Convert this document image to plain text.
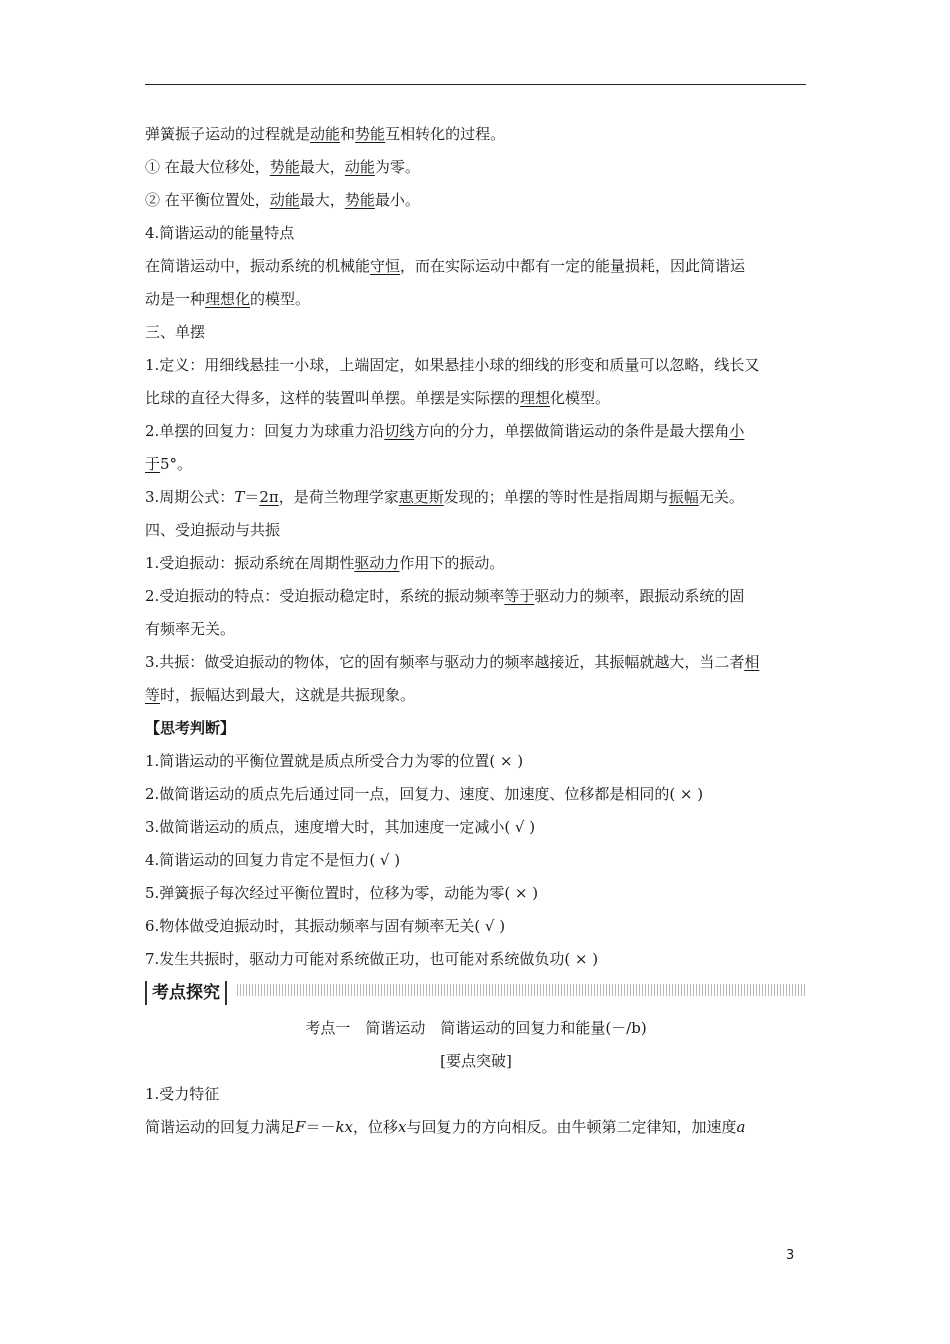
弹簧振子运动的过程就是动能和势能互相转化的过程。
① 在最大位移处，势能最大，动能为零。
② 在平衡位置处，动能最大，势能最小。
4.简谐运动的能量特点
在简谐运动中，振动系统的机械能守恒，而在实际运动中都有一定的能量损耗，因此简谐运
动是一种理想化的模型。
三、单摆
1.定义：用细线悬挂一小球，上端固定，如果悬挂小球的细线的形变和质量可以忽略，线长又
比球的直径大得多，这样的装置叫单摆。单摆是实际摆的理想化模型。
2.单摆的回复力：回复力为球重力沿切线方向的分力，单摆做简谐运动的条件是最大摆角小
于5°。
3.周期公式：T＝2π，是荷兰物理学家惠更斯发现的；单摆的等时性是指周期与振幅无关。
四、受迫振动与共振
1.受迫振动：振动系统在周期性驱动力作用下的振动。
2.受迫振动的特点：受迫振动稳定时，系统的振动频率等于驱动力的频率，跟振动系统的固
有频率无关。
3.共振：做受迫振动的物体，它的固有频率与驱动力的频率越接近，其振幅就越大，当二者相
等时，振幅达到最大，这就是共振现象。
【思考判断】
1.简谐运动的平衡位置就是质点所受合力为零的位置( × )
2.做简谐运动的质点先后通过同一点，回复力、速度、加速度、位移都是相同的( × )
3.做简谐运动的质点，速度增大时，其加速度一定减小( √ )
4.简谐运动的回复力肯定不是恒力( √ )
5.弹簧振子每次经过平衡位置时，位移为零，动能为零( × )
6.物体做受迫振动时，其振动频率与固有频率无关( √ )
7.发生共振时，驱动力可能对系统做正功，也可能对系统做负功( × )
考点探究
考点一　简谐运动　简谐运动的回复力和能量(－/b)
[要点突破]
1.受力特征
简谐运动的回复力满足F＝－kx，位移x与回复力的方向相反。由牛顿第二定律知，加速度a
3
